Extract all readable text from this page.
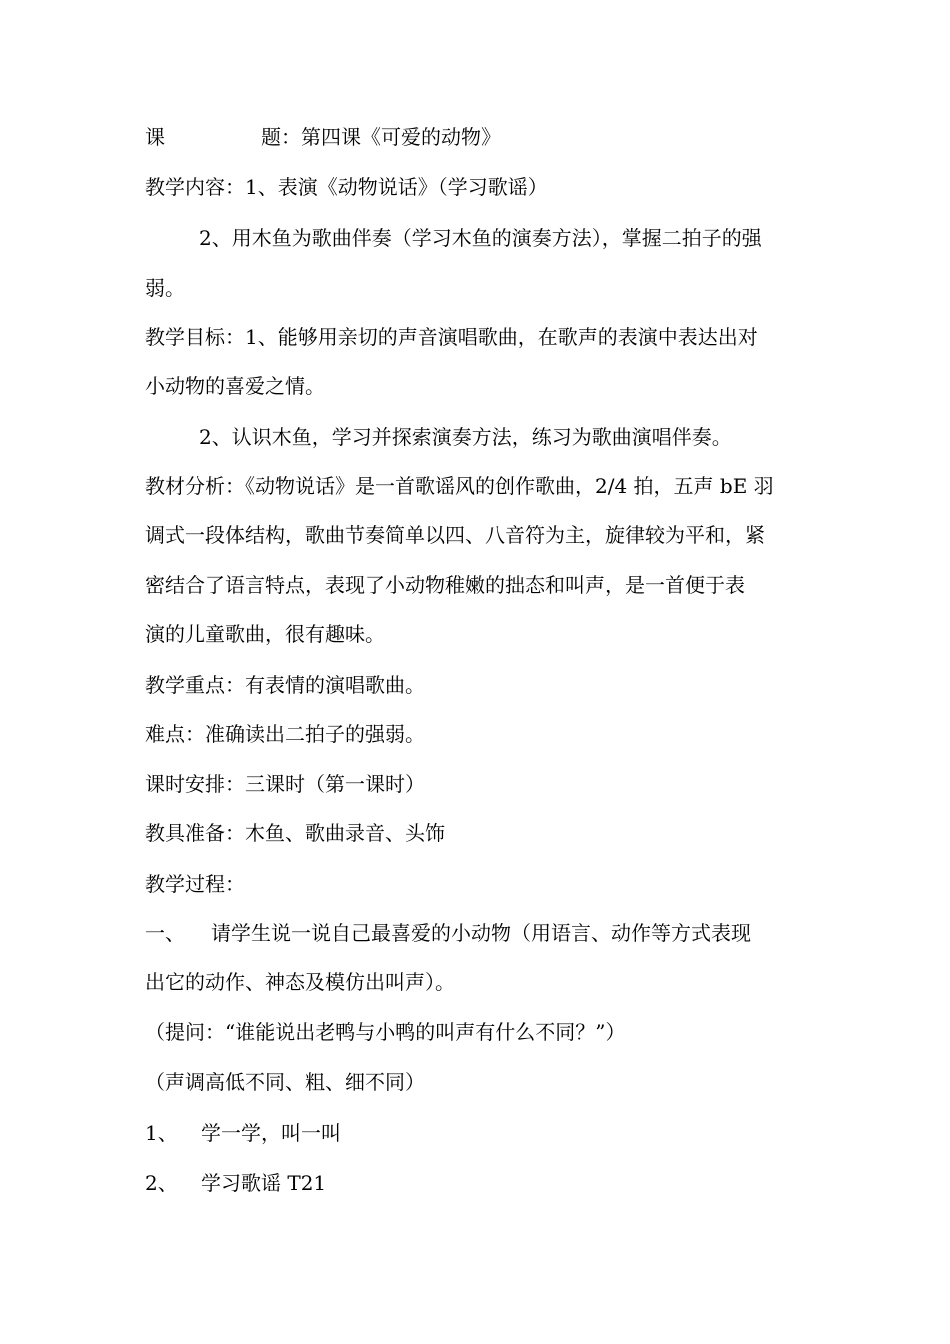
课	题：第四课《可爱的动物》
教学内容：1、表演《动物说话》（学习歌谣）
2、用木鱼为歌曲伴奏（学习木鱼的演奏方法），掌握二拍子的强
弱。
教学目标：1、能够用亲切的声音演唱歌曲，在歌声的表演中表达出对
小动物的喜爱之情。
2、认识木鱼，学习并探索演奏方法，练习为歌曲演唱伴奏。
教材分析：《动物说话》是一首歌谣风的创作歌曲，2/4 拍，五声 bE 羽
调式一段体结构，歌曲节奏简单以四、八音符为主，旋律较为平和，紧
密结合了语言特点，表现了小动物稚嫩的拙态和叫声，是一首便于表
演的儿童歌曲，很有趣味。
教学重点：有表情的演唱歌曲。
难点：准确读出二拍子的强弱。
课时安排：三课时（第一课时）
教具准备：木鱼、歌曲录音、头饰
教学过程：
一、 请学生说一说自己最喜爱的小动物（用语言、动作等方式表现
出它的动作、神态及模仿出叫声）。
（提问：“谁能说出老鸭与小鸭的叫声有什么不同？”）
（声调高低不同、粗、细不同）
1、 学一学，叫一叫
2、 学习歌谣 T21
